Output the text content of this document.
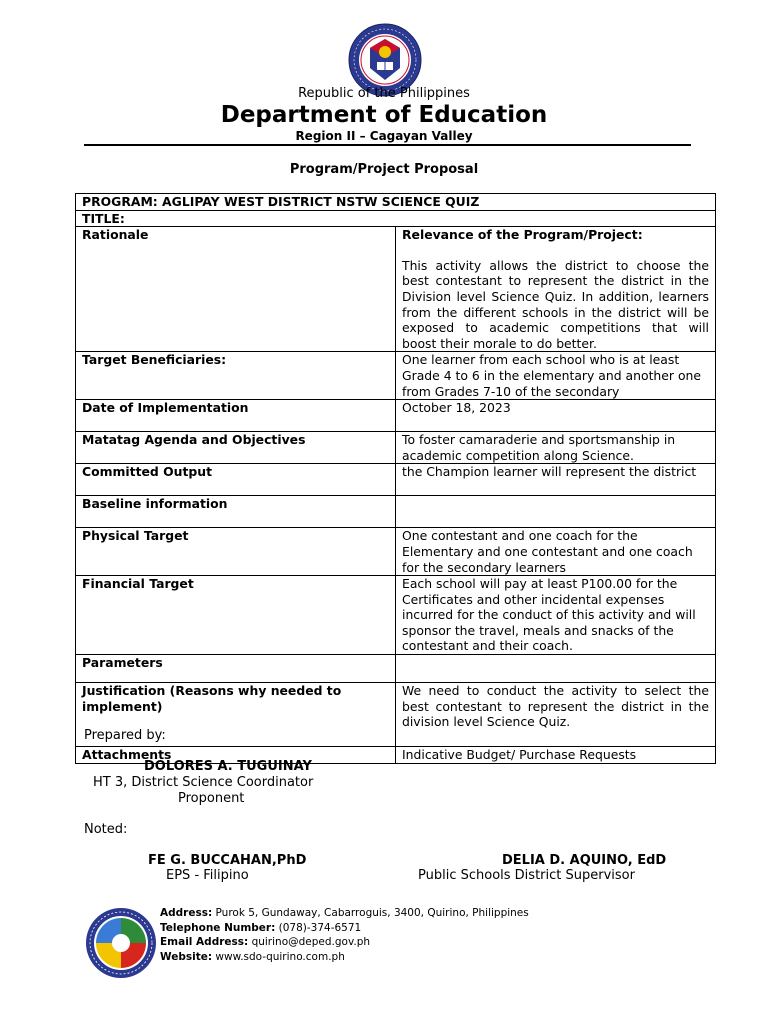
Republic of the Philippines
Department of Education
Region II – Cagayan Valley
Program/Project Proposal
PROGRAM: AGLIPAY WEST DISTRICT NSTW SCIENCE QUIZ	
TITLE:	
Rationale	Relevance of the Program/Project:
This activity allows the district to choose the best contestant to represent the district in the Division level Science Quiz. In addition, learners from the different schools in the district will be exposed to academic competitions that will boost their morale to do better.

Target Beneficiaries:	One learner from each school who is at least Grade 4 to 6 in the elementary and another one from Grades 7-10 of the secondary
Date of Implementation	October 18, 2023
Matatag Agenda and Objectives	To foster camaraderie and sportsmanship in academic competition along Science.
Committed Output	the Champion learner will represent the district
Baseline information	
Physical Target	One contestant and one coach for the Elementary and one contestant and one coach for the secondary learners
Financial Target	Each school will pay at least P100.00 for the Certificates and other incidental expenses incurred for the conduct of this activity and will sponsor the travel, meals and snacks of the contestant and their coach.
Parameters	
Justification (Reasons why needed to implement)	We need to conduct the activity to select the best contestant to represent the district in the division level Science Quiz.
Attachments	Indicative Budget/ Purchase Requests
Prepared by:
DOLORES A. TUGUINAY
HT 3, District Science Coordinator
Proponent
Noted:
FE G. BUCCAHAN,PhD
EPS - Filipino
DELIA D. AQUINO, EdD
Public Schools District Supervisor
Address: Purok 5, Gundaway, Cabarroguis, 3400, Quirino, Philippines
Telephone Number: (078)-374-6571
Email Address: quirino@deped.gov.ph
Website: www.sdo-quirino.com.ph
